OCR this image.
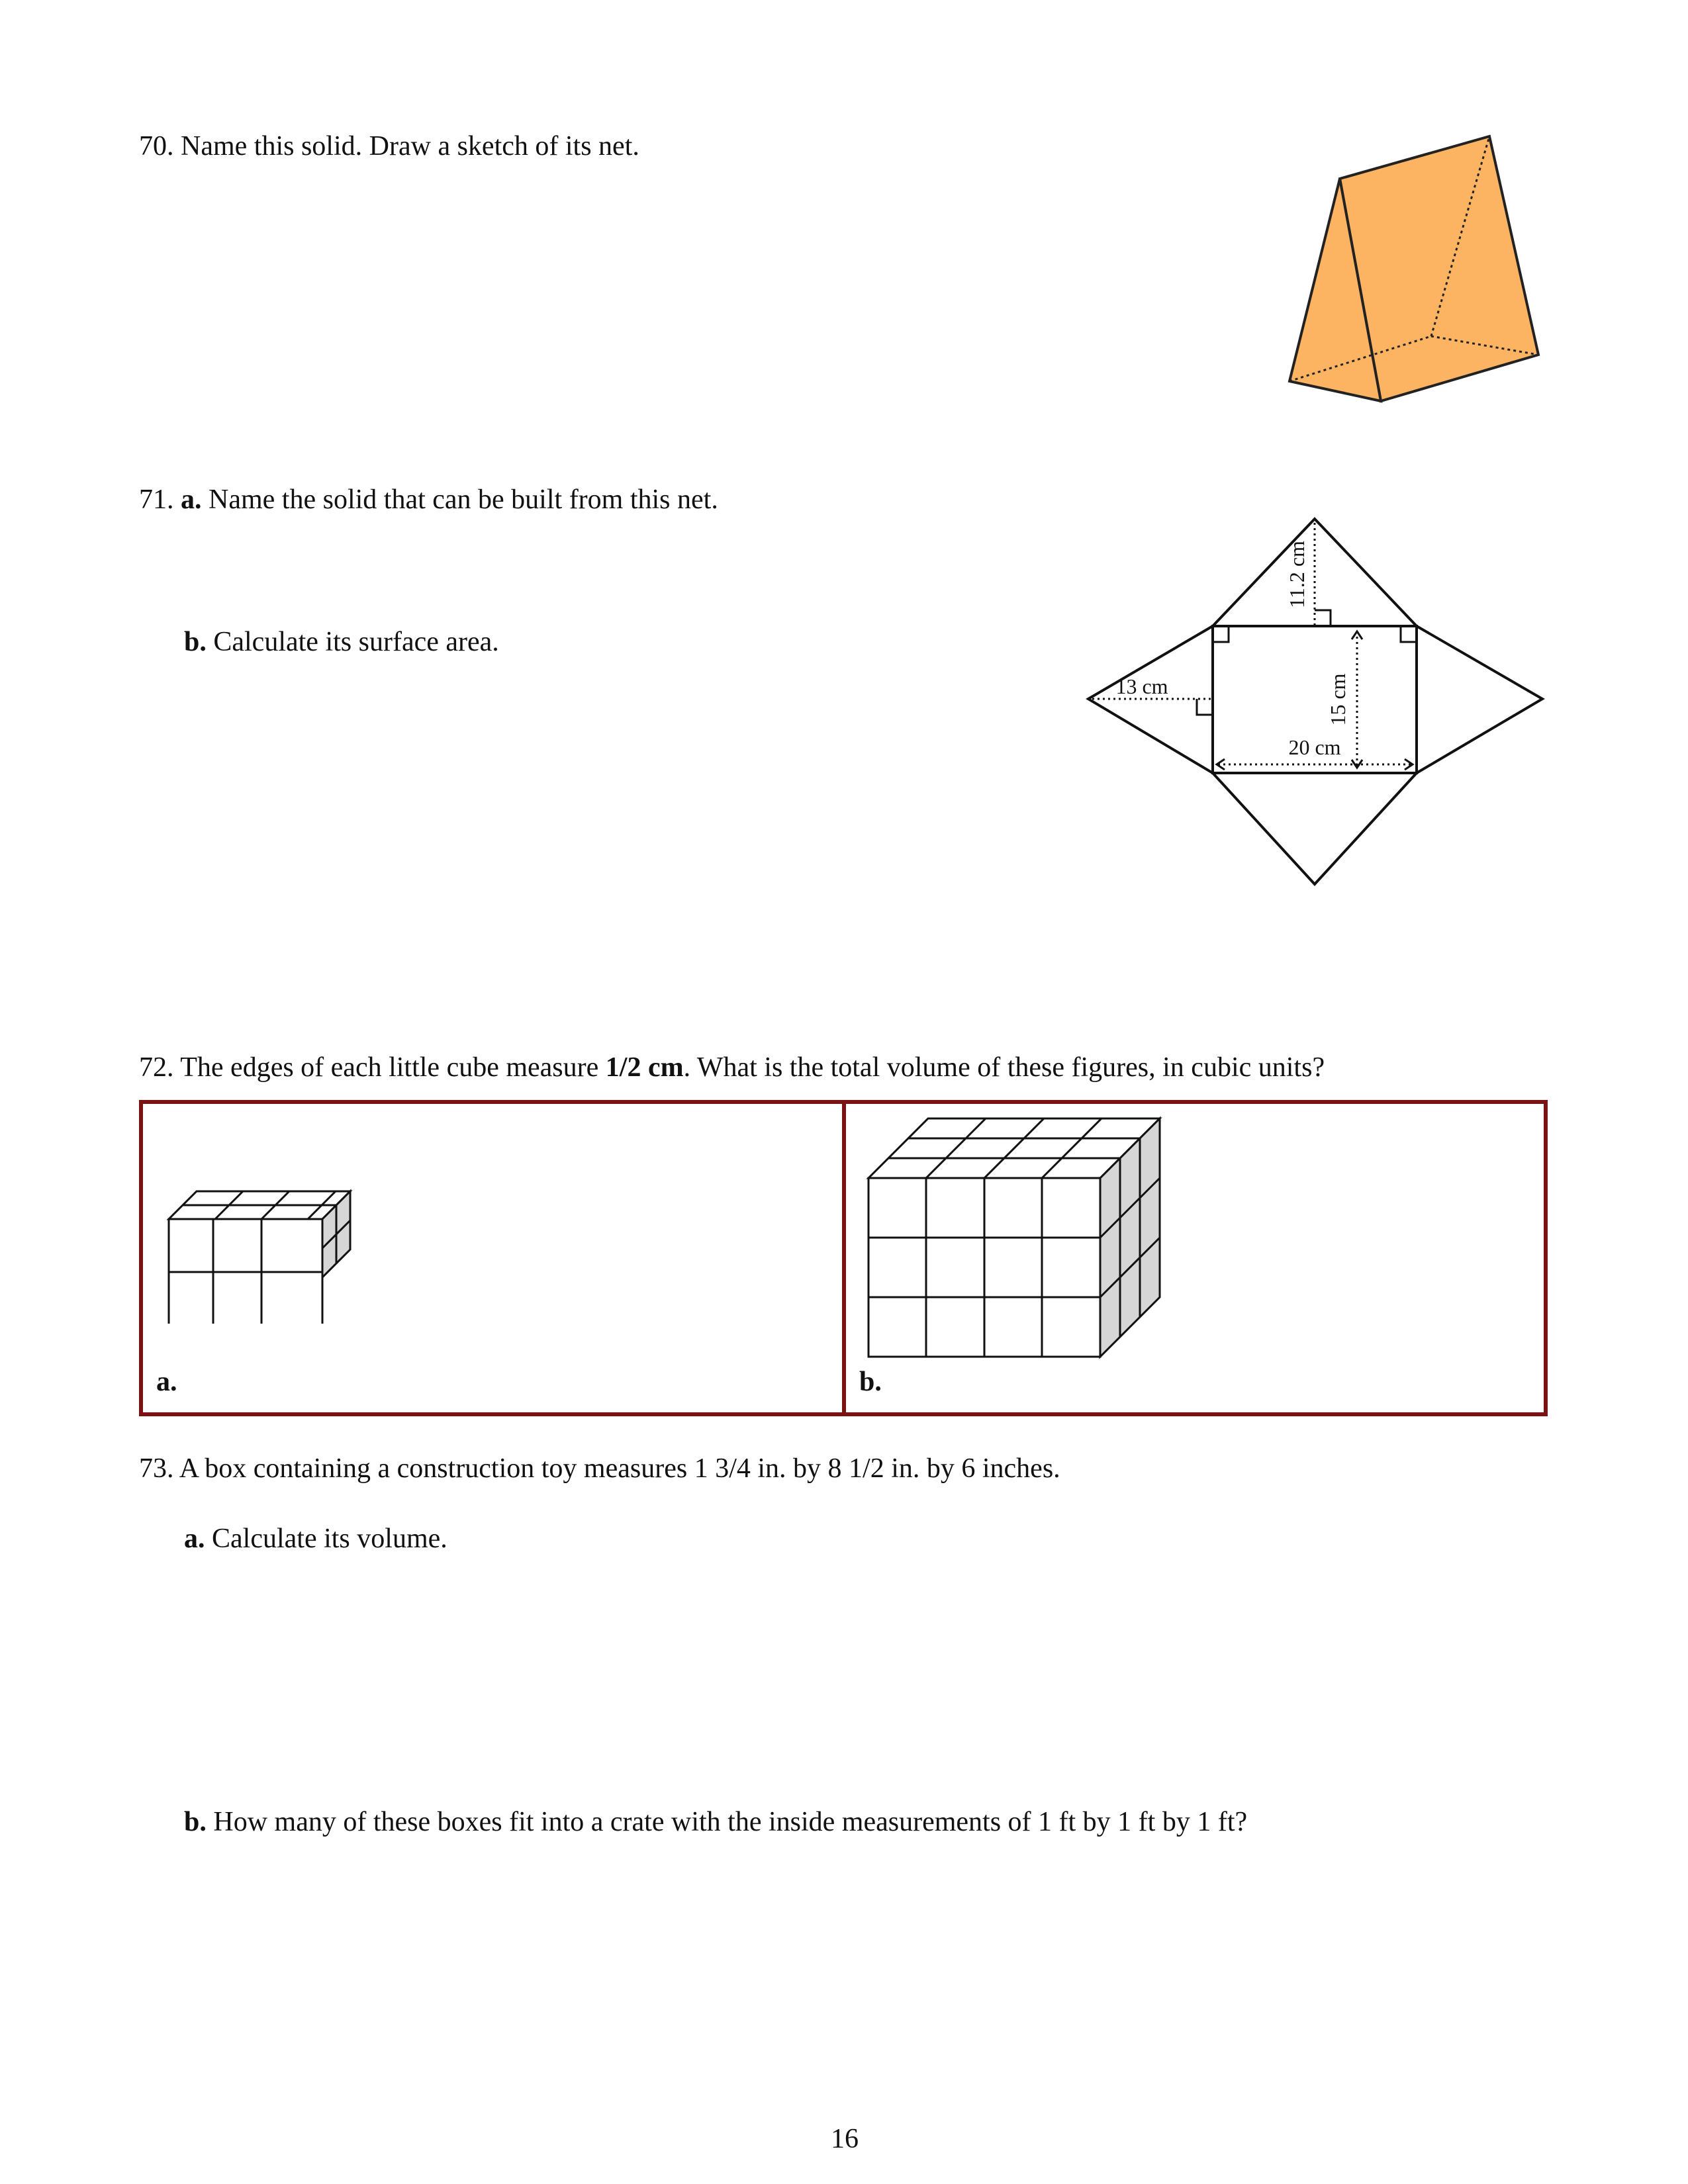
70. Name this solid. Draw a sketch of its net.
71. a. Name the solid that can be built from this net.
b. Calculate its surface area.
20 cm
13 cm
11.2 cm
15 cm
72. The edges of each little cube measure 1/2 cm. What is the total volume of these figures, in cubic units?
a.	b.
73. A box containing a construction toy measures 1 3/4 in. by 8 1/2 in. by 6 inches.
a. Calculate its volume.
b. How many of these boxes fit into a crate with the inside measurements of 1 ft by 1 ft by 1 ft?
16
